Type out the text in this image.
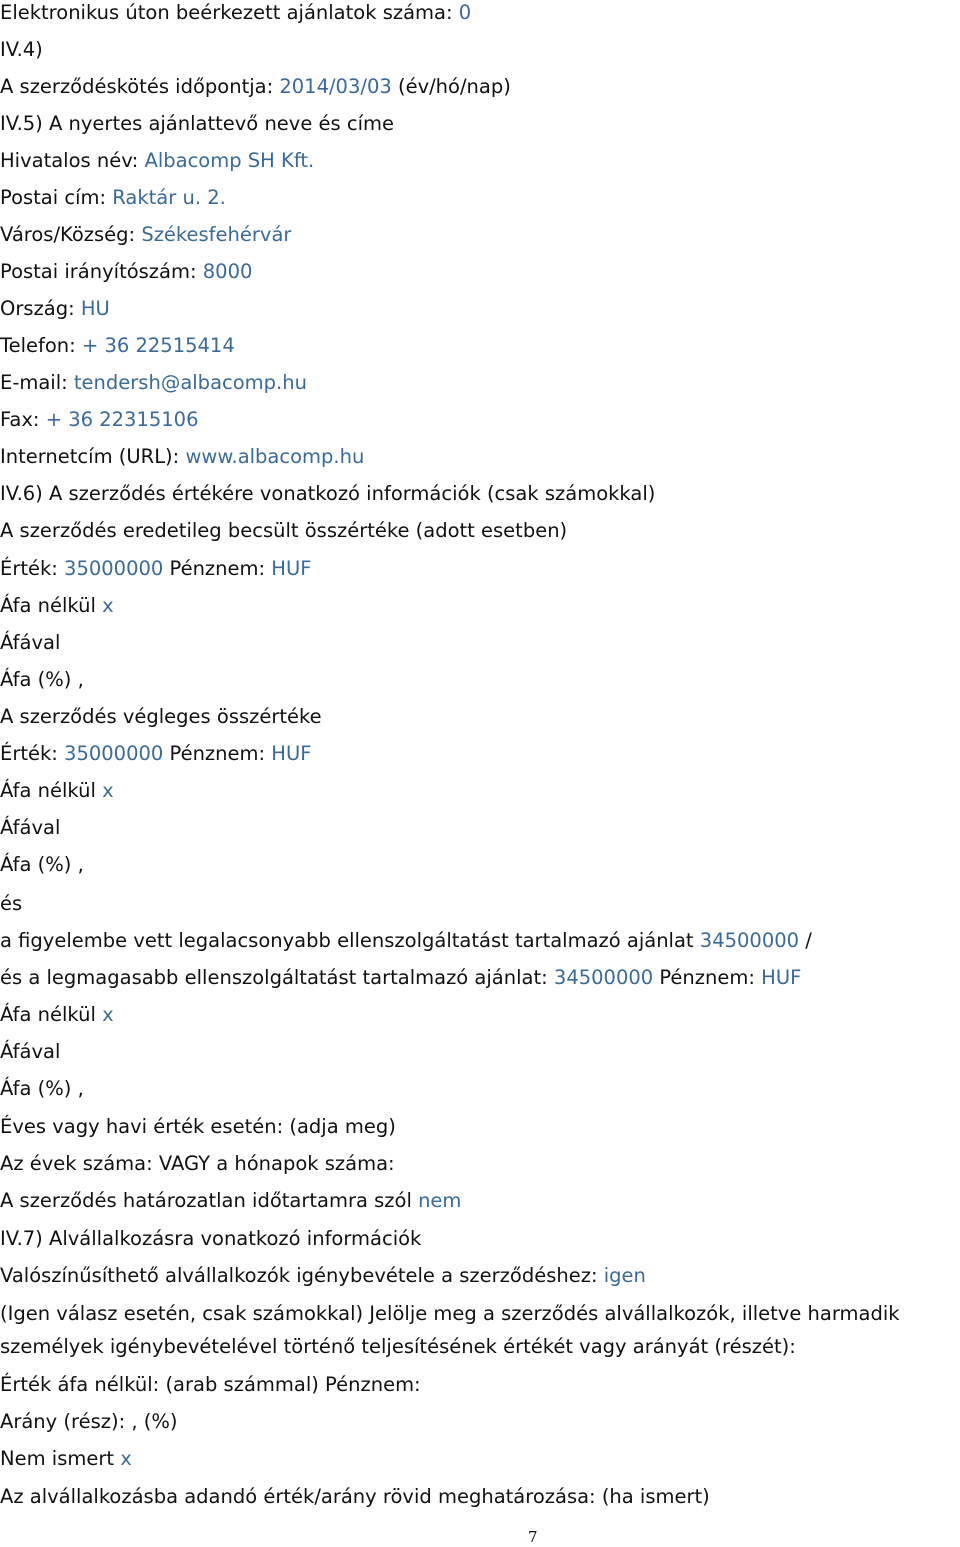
Elektronikus úton beérkezett ajánlatok száma: 0
IV.4)
A szerződéskötés időpontja: 2014/03/03 (év/hó/nap)
IV.5) A nyertes ajánlattevő neve és címe
Hivatalos név: Albacomp SH Kft.
Postai cím: Raktár u. 2.
Város/Község: Székesfehérvár
Postai irányítószám: 8000
Ország: HU
Telefon: + 36 22515414
E-mail: tendersh@albacomp.hu
Fax: + 36 22315106
Internetcím (URL): www.albacomp.hu
IV.6) A szerződés értékére vonatkozó információk (csak számokkal)
A szerződés eredetileg becsült összértéke (adott esetben)
Érték: 35000000 Pénznem: HUF
Áfa nélkül x
Áfával
Áfa (%) ,
A szerződés végleges összértéke
Érték: 35000000 Pénznem: HUF
Áfa nélkül x
Áfával
Áfa (%) ,
és
a figyelembe vett legalacsonyabb ellenszolgáltatást tartalmazó ajánlat 34500000 /
és a legmagasabb ellenszolgáltatást tartalmazó ajánlat: 34500000 Pénznem: HUF
Áfa nélkül x
Áfával
Áfa (%) ,
Éves vagy havi érték esetén: (adja meg)
Az évek száma: VAGY a hónapok száma:
A szerződés határozatlan időtartamra szól nem
IV.7) Alvállalkozásra vonatkozó információk
Valószínűsíthető alvállalkozók igénybevétele a szerződéshez: igen
(Igen válasz esetén, csak számokkal) Jelölje meg a szerződés alvállalkozók, illetve harmadik személyek igénybevételével történő teljesítésének értékét vagy arányát (részét):
Érték áfa nélkül: (arab számmal) Pénznem:
Arány (rész): , (%)
Nem ismert x
Az alvállalkozásba adandó érték/arány rövid meghatározása: (ha ismert)
7
